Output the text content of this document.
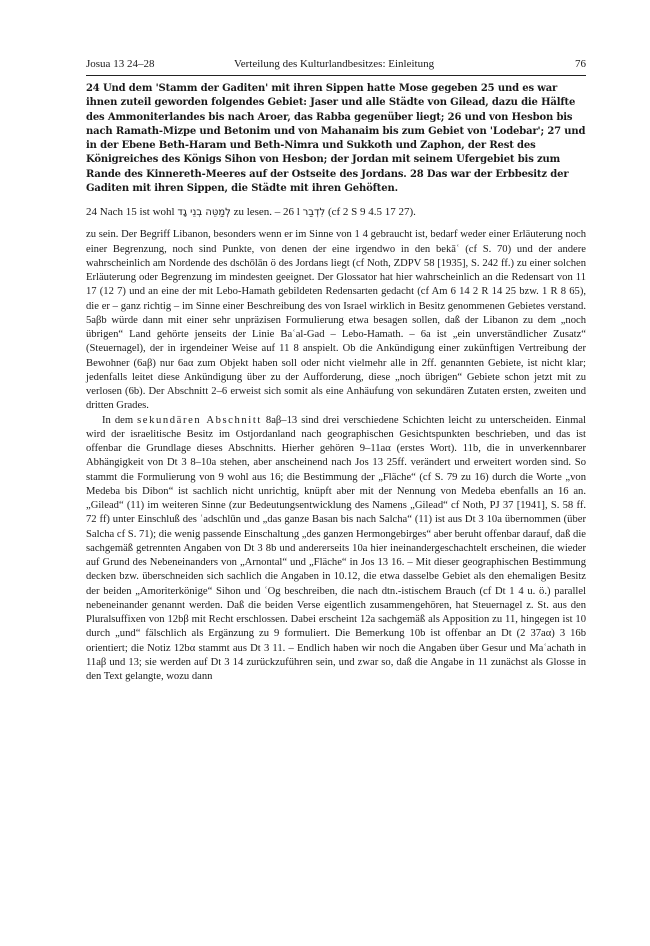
Josua 13 24–28	Verteilung des Kulturlandbesitzes: Einleitung	76
24 Und dem 'Stamm der Gaditen' mit ihren Sippen hatte Mose gegeben 25 und es war ihnen zuteil geworden folgendes Gebiet: Jaser und alle Städte von Gilead, dazu die Hälfte des Ammoniterlandes bis nach Aroer, das Rabba gegenüber liegt; 26 und von Hesbon bis nach Ramath-Mizpe und Betonim und von Mahanaim bis zum Gebiet von 'Lodebar'; 27 und in der Ebene Beth-Haram und Beth-Nimra und Sukkoth und Zaphon, der Rest des Königreiches des Königs Sihon von Hesbon; der Jordan mit seinem Ufergebiet bis zum Rande des Kinnereth-Meeres auf der Ostseite des Jordans. 28 Das war der Erbbesitz der Gaditen mit ihren Sippen, die Städte mit ihren Gehöften.
24 Nach 15 ist wohl לְמַטֵּה בְנֵי גָד zu lesen. – 26 l לִדְבַר (cf 2 S 9 4.5 17 27).

zu sein. Der Begriff Libanon, besonders wenn er im Sinne von 1 4 gebraucht ist, bedarf weder einer Erläuterung noch einer Begrenzung, noch sind Punkte, von denen der eine irgendwo in den bekāʿ (cf S. 70) und der andere wahrscheinlich am Nordende des dschōlān ö des Jordans liegt (cf Noth, ZDPV 58 [1935], S. 242 ff.) zu einer solchen Erläuterung oder Begrenzung im mindesten geeignet. Der Glossator hat hier wahrscheinlich an die Redensart von 11 17 (12 7) und an eine der mit Lebo-Hamath gebildeten Redensarten gedacht (cf Am 6 14 2 R 14 25 bzw. 1 R 8 65), die er – ganz richtig – im Sinne einer Beschreibung des von Israel wirklich in Besitz genommenen Gebietes verstand. 5aβb würde dann mit einer sehr unpräzisen Formulierung etwa besagen sollen, daß der Libanon zu dem „noch übrigen“ Land gehörte jenseits der Linie Baʿal-Gad – Lebo-Hamath. – 6a ist „ein unverständlicher Zusatz“ (Steuernagel), der in irgendeiner Weise auf 11 8 anspielt. Ob die Ankündigung einer zukünftigen Vertreibung der Bewohner (6aβ) nur 6aα zum Objekt haben soll oder nicht vielmehr alle in 2ff. genannten Gebiete, ist nicht klar; jedenfalls leitet diese Ankündigung über zu der Aufforderung, diese „noch übrigen“ Gebiete schon jetzt mit zu verlosen (6b). Der Abschnitt 2–6 erweist sich somit als eine Anhäufung von sekundären Zutaten ersten, zweiten und dritten Grades.

In dem sekundären Abschnitt 8aβ–13 sind drei verschiedene Schichten leicht zu unterscheiden. Einmal wird der israelitische Besitz im Ostjordanland nach geographischen Gesichtspunkten beschrieben, und das ist offenbar die Grundlage dieses Abschnitts. Hierher gehören 9–11aα (erstes Wort). 11b, die in unverkennbarer Abhängigkeit von Dt 3 8–10a stehen, aber anscheinend nach Jos 13 25ff. verändert und erweitert worden sind. So stammt die Formulierung von 9 wohl aus 16; die Bestimmung der „Fläche“ (cf S. 79 zu 16) durch die Worte „von Medeba bis Dibon“ ist sachlich nicht unrichtig, knüpft aber mit der Nennung von Medeba ebenfalls an 16 an. „Gilead“ (11) im weiteren Sinne (zur Bedeutungsentwicklung des Namens „Gilead“ cf Noth, PJ 37 [1941], S. 58 ff. 72 ff) unter Einschluß des ʿadschlūn und „das ganze Basan bis nach Salcha“ (11) ist aus Dt 3 10a übernommen (über Salcha cf S. 71); die wenig passende Einschaltung „des ganzen Hermongebirges“ aber beruht offenbar darauf, daß die sachgemäß getrennten Angaben von Dt 3 8b und andererseits 10a hier ineinandergeschachtelt erscheinen, die wieder auf Grund des Nebeneinanders von „Arnontal“ und „Fläche“ in Jos 13 16. – Mit dieser geographischen Bestimmung decken bzw. überschneiden sich sachlich die Angaben in 10.12, die etwa dasselbe Gebiet als den ehemaligen Besitz der beiden „Amoriterkönige“ Sihon und ʿOg beschreiben, die nach dtn.-istischem Brauch (cf Dt 1 4 u. ö.) parallel nebeneinander genannt werden. Daß die beiden Verse eigentlich zusammengehören, hat Steuernagel z. St. aus den Pluralsuffixen von 12bβ mit Recht erschlossen. Dabei erscheint 12a sachgemäß als Apposition zu 11, hingegen ist 10 durch „und“ fälschlich als Ergänzung zu 9 formuliert. Die Bemerkung 10b ist offenbar an Dt (2 37aα) 3 16b orientiert; die Notiz 12bα stammt aus Dt 3 11. – Endlich haben wir noch die Angaben über Gesur und Maʿachath in 11aβ und 13; sie werden auf Dt 3 14 zurückzuführen sein, und zwar so, daß die Angabe in 11 zunächst als Glosse in den Text gelangte, wozu dann
